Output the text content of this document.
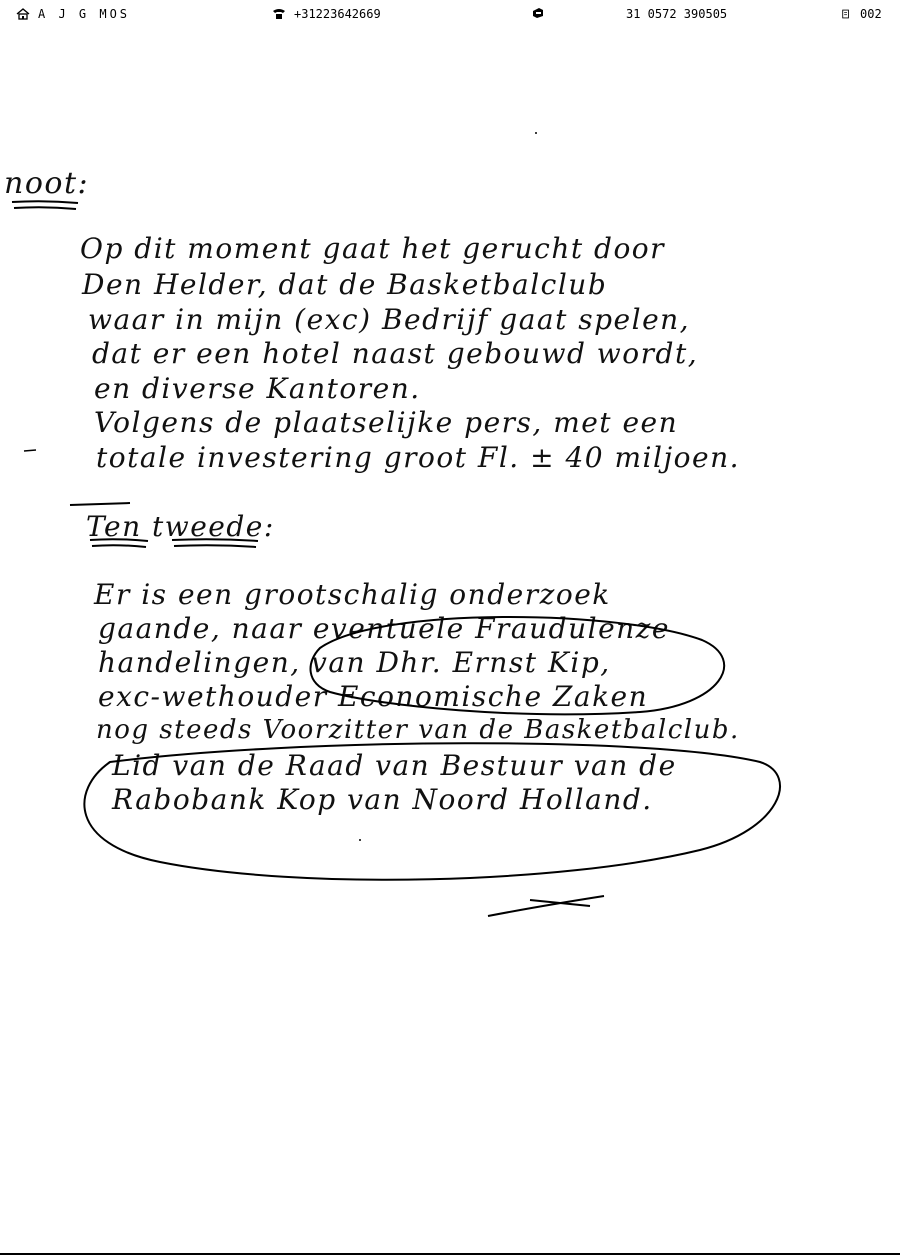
A J G MOS	+31223642669	31 0572 390505	002
noot:
Op dit moment gaat het gerucht door
Den Helder, dat de Basketbalclub
waar in mijn (exc) Bedrijf gaat spelen,
dat er een hotel naast gebouwd wordt,
en diverse Kantoren.
Volgens de plaatselijke pers, met een
totale investering groot Fl. ± 40 miljoen.
Ten tweede:
Er is een grootschalig onderzoek
gaande, naar eventuele Fraudulenze
handelingen, van Dhr. Ernst Kip,
exc-wethouder Economische Zaken
nog steeds Voorzitter van de Basketbalclub.
Lid van de Raad van Bestuur van de
Rabobank Kop van Noord Holland.
